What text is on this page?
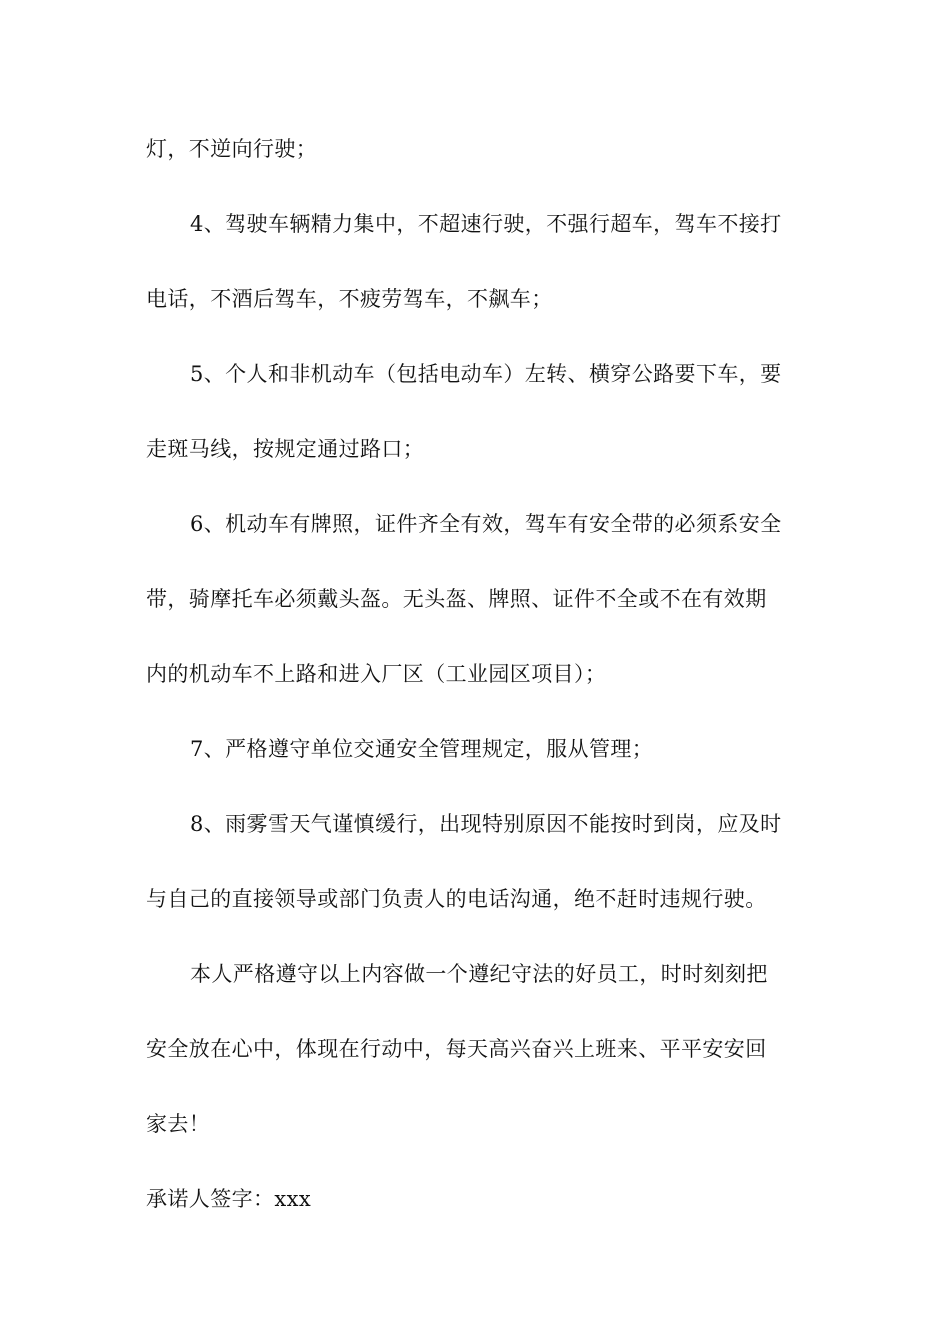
灯，不逆向行驶；
4、驾驶车辆精力集中，不超速行驶，不强行超车，驾车不接打
电话，不酒后驾车，不疲劳驾车，不飙车；
5、个人和非机动车（包括电动车）左转、横穿公路要下车，要
走斑马线，按规定通过路口；
6、机动车有牌照，证件齐全有效，驾车有安全带的必须系安全
带，骑摩托车必须戴头盔。无头盔、牌照、证件不全或不在有效期
内的机动车不上路和进入厂区（工业园区项目）；
7、严格遵守单位交通安全管理规定，服从管理；
8、雨雾雪天气谨慎缓行，出现特别原因不能按时到岗，应及时
与自己的直接领导或部门负责人的电话沟通，绝不赶时违规行驶。
本人严格遵守以上内容做一个遵纪守法的好员工，时时刻刻把
安全放在心中，体现在行动中，每天高兴奋兴上班来、平平安安回
家去！
承诺人签字：xxx
